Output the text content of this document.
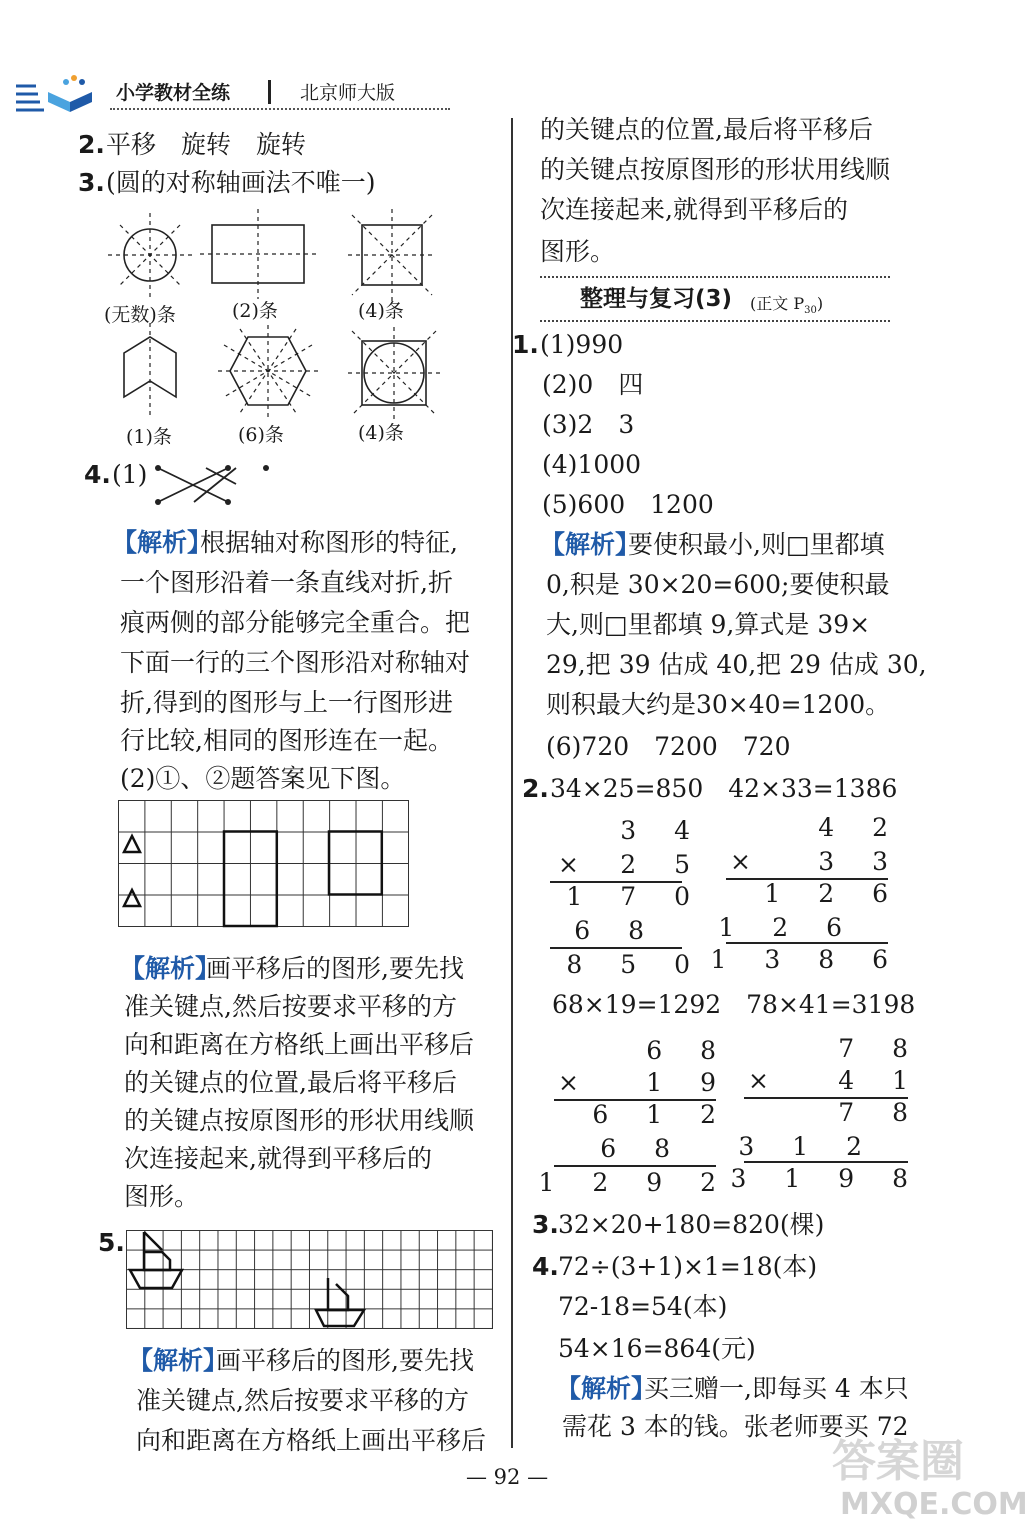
小学教材全练	北京师大版
2. 平移　旋转　旋转
3. (圆的对称轴画法不唯一)
(无数)条	(2)条	(4)条
(1)条	(6)条	(4)条
4. (1)
【解析】
根据轴对称图形的特征,
一个图形沿着一条直线对折,折
痕两侧的部分能够完全重合。把
下面一行的三个图形沿对称轴对
折,得到的图形与上一行图形进
行比较,相同的图形连在一起。
(2)①、②题答案见下图。
【解析】
画平移后的图形,要先找
准关键点,然后按要求平移的方
向和距离在方格纸上画出平移后
的关键点的位置,最后将平移后
的关键点按原图形的形状用线顺
次连接起来,就得到平移后的
图形。
5.
【解析】
画平移后的图形,要先找
准关键点,然后按要求平移的方
向和距离在方格纸上画出平移后
的关键点的位置,最后将平移后
的关键点按原图形的形状用线顺
次连接起来,就得到平移后的
图形。
整理与复习(3) (正文 $P_{30}$)
1. (1)990
(2)0　四
(3)2　3
(4)1000
(5)600　1200
【解析】
要使积最小,则□里都填
0,积是 30×20=600;要使积最
大,则□里都填 9,算式是 39×
29,把 39 估成 40,把 29 估成 30,
则积最大约是30×40=1200。
(6)720　7200　720
2. 34×25=850　42×33=1386
3 4
× 2 5
1 7 0
6 8
8 5 0
4 2
× 3 3
1 2 6
1 2 6
1 3 8 6
68×19=1292　78×41=3198
6 8
× 1 9
6 1 2
6 8
1 2 9 2
7 8
× 4 1
7 8
3 1 2
3 1 9 8
3. 32×20+180=820(棵)
4. 72÷(3+1)×1=18(本)
72-18=54(本)
54×16=864(元)
【解析】
买三赠一,即每买 4 本只
需花 3 本的钱。张老师要买 72
— 92 —	答案圈
MXQE.COM
